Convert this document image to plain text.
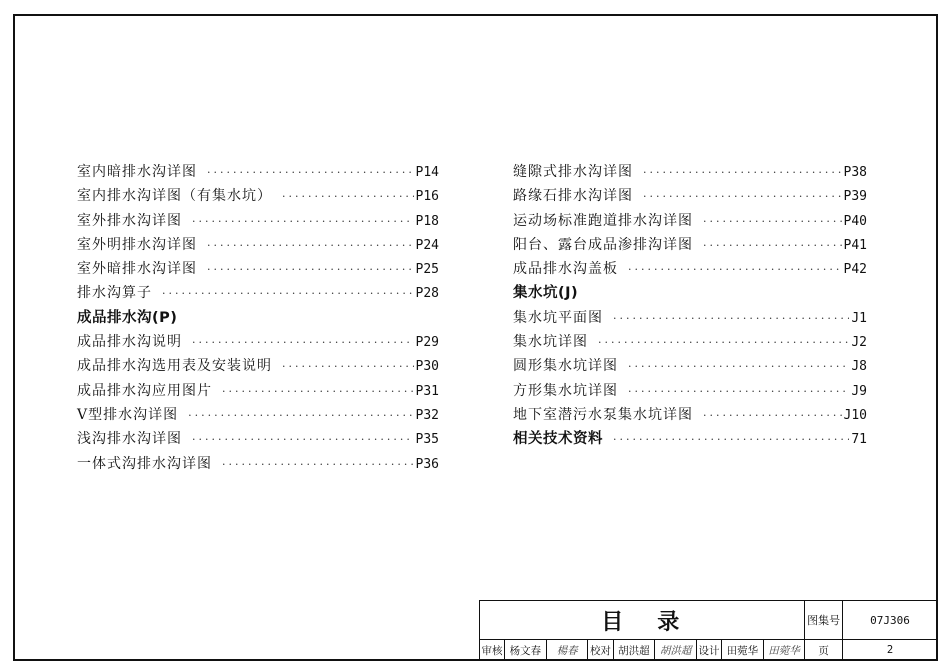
室内暗排水沟详图 ·····	P14
室内排水沟详图（有集水坑） ·····	P16
室外排水沟详图 ·····	P18
室外明排水沟详图 ·····	P24
室外暗排水沟详图 ·····	P25
排水沟算子 ·····	P28
成品排水沟(P)
成品排水沟说明 ·····	P29
成品排水沟选用表及安装说明 ·····	P30
成品排水沟应用图片 ·····	P31
V型排水沟详图 ·····	P32
浅沟排水沟详图 ·····	P35
一体式沟排水沟详图 ·····	P36
缝隙式排水沟详图 ·····	P38
路缘石排水沟详图 ·····	P39
运动场标准跑道排水沟详图 ·····	P40
阳台、露台成品渗排沟详图 ·····	P41
成品排水沟盖板 ·····	P42
集水坑(J)
集水坑平面图 ·····	J1
集水坑详图 ·····	J2
圆形集水坑详图 ·····	J8
方形集水坑详图 ·····	J9
地下室潜污水泵集水坑详图 ·····	J10
相关技术资料 ·····	71
目录									图集号	07J306
审核	杨文春	楊春	校对	胡洪超	胡洪超	设计	田菀华	田菀华	页	2
